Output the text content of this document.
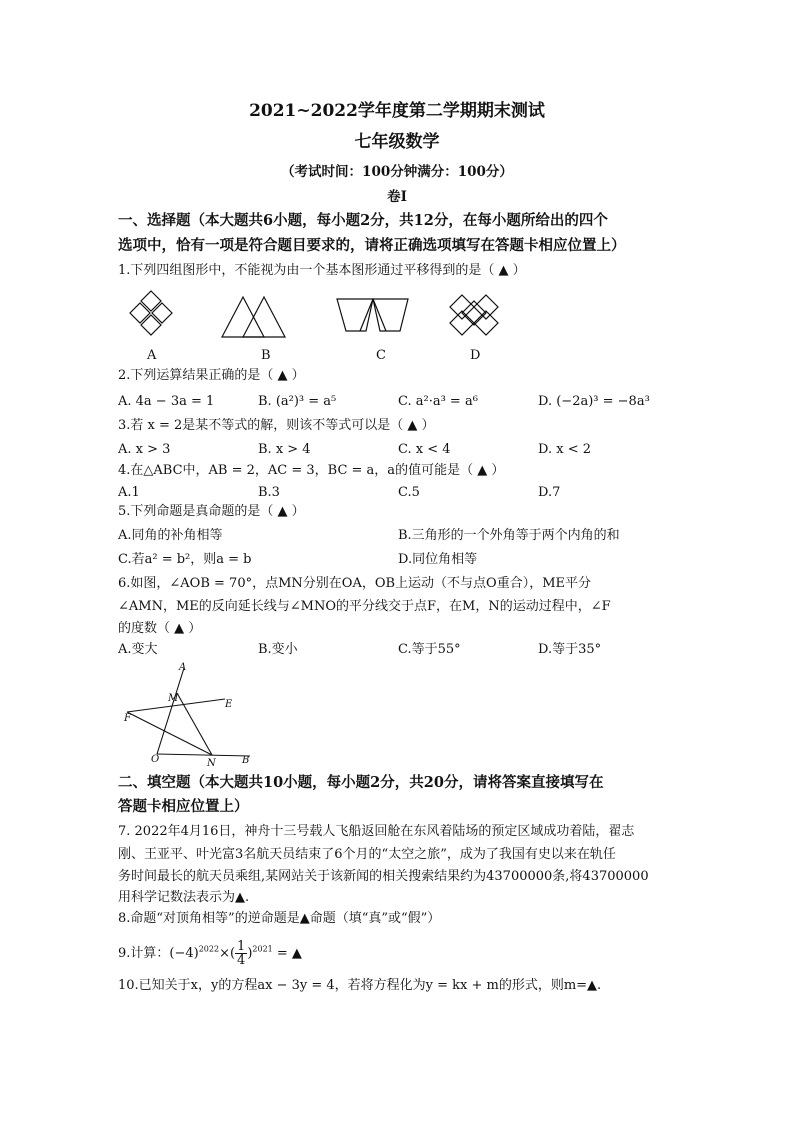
2021~2022学年度第二学期期末测试
七年级数学
（考试时间：100分钟满分：100分）
卷Ⅰ
一、选择题（本大题共6小题，每小题2分，共12分，在每小题所给出的四个
选项中，恰有一项是符合题目要求的，请将正确选项填写在答题卡相应位置上）
1.下列四组图形中，不能视为由一个基本图形通过平移得到的是（ ▲ ）
A	B	C	D
2.下列运算结果正确的是（ ▲ ）
A. 4a − 3a = 1	B. (a²)³ = a⁵	C. a²·a³ = a⁶	D. (−2a)³ = −8a³
3.若 x = 2是某不等式的解，则该不等式可以是（ ▲ ）
A. x > 3	B. x > 4	C. x < 4	D. x < 2
4.在△ABC中，AB = 2，AC = 3，BC = a，a的值可能是（ ▲ ）
A.1	B.3	C.5	D.7
5.下列命题是真命题的是（ ▲ ）
A.同角的补角相等	B.三角形的一个外角等于两个内角的和
C.若a² = b²，则a = b	D.同位角相等
6.如图，∠AOB = 70°，点MN分别在OA，OB上运动（不与点O重合），ME平分
∠AMN，ME的反向延长线与∠MNO的平分线交于点F，在M，N的运动过程中，∠F
的度数（ ▲ ）
A.变大	B.变小	C.等于55°	D.等于35°
A
M
E
F
O	N	B
二、填空题（本大题共10小题，每小题2分，共20分，请将答案直接填写在
答题卡相应位置上）
7. 2022年4月16日，神舟十三号载人飞船返回舱在东风着陆场的预定区域成功着陆，翟志
刚、王亚平、叶光富3名航天员结束了6个月的“太空之旅”，成为了我国有史以来在轨任
务时间最长的航天员乘组,某网站关于该新闻的相关搜索结果约为43700000条,将43700000
用科学记数法表示为▲.
8.命题“对顶角相等”的逆命题是▲命题（填“真”或“假”）
9.计算：$(-4)^{2022}\times( \frac{1}{4} )^{2021}$ = ▲
10.已知关于x，y的方程ax − 3y = 4，若将方程化为y = kx + m的形式，则m=▲.
